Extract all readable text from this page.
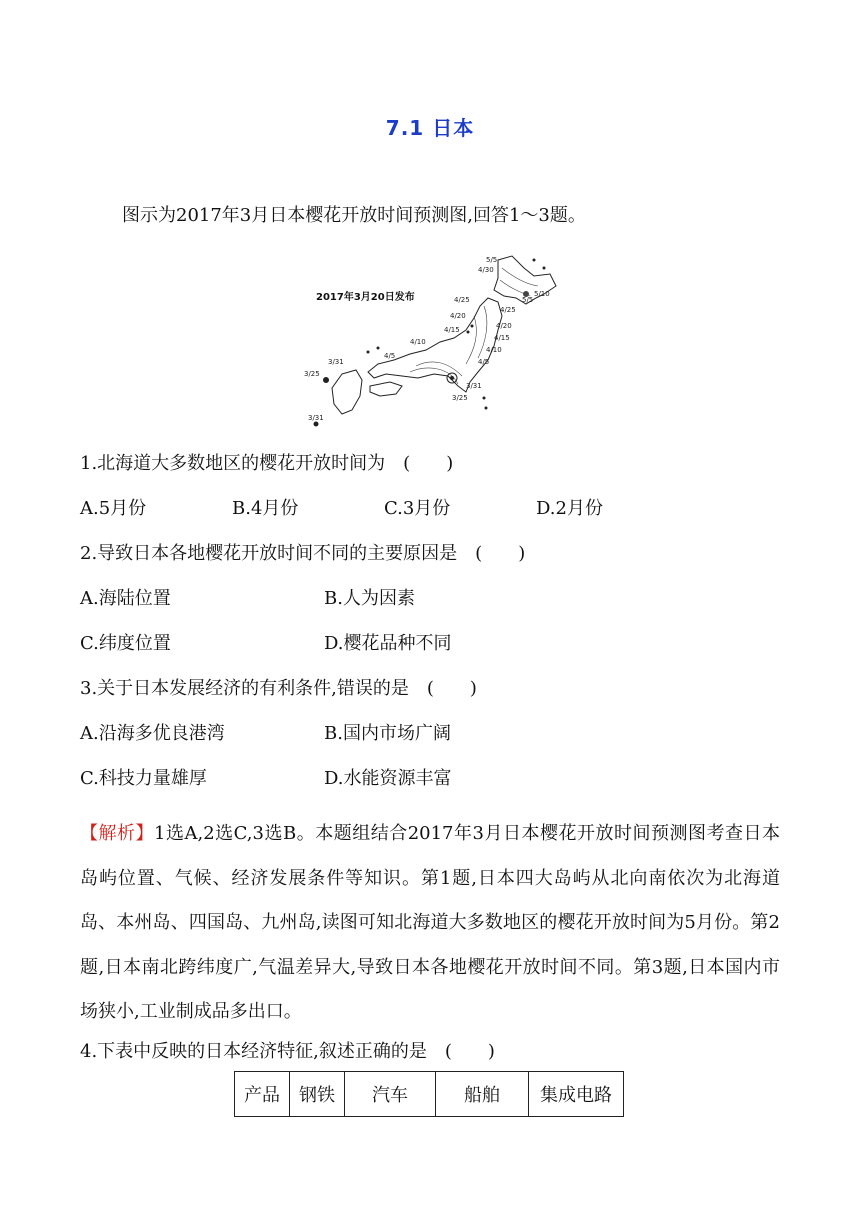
7.1 日本
图示为2017年3月日本樱花开放时间预测图,回答1～3题。
2017年3月20日发布
5/5
4/30
5/10
5/5
4/25
4/25
4/20
4/20
4/15
4/15
4/10
4/10
4/5
4/5
3/31
3/25
3/31
3/25
3/31
1.北海道大多数地区的樱花开放时间为　(　　)
A.5月份	B.4月份	C.3月份	D.2月份
2.导致日本各地樱花开放时间不同的主要原因是　(　　)
A.海陆位置	B.人为因素
C.纬度位置	D.樱花品种不同
3.关于日本发展经济的有利条件,错误的是　(　　)
A.沿海多优良港湾	B.国内市场广阔
C.科技力量雄厚	D.水能资源丰富
【解析】1选A,2选C,3选B。本题组结合2017年3月日本樱花开放时间预测图考查日本岛屿位置、气候、经济发展条件等知识。第1题,日本四大岛屿从北向南依次为北海道岛、本州岛、四国岛、九州岛,读图可知北海道大多数地区的樱花开放时间为5月份。第2题,日本南北跨纬度广,气温差异大,导致日本各地樱花开放时间不同。第3题,日本国内市场狭小,工业制成品多出口。
4.下表中反映的日本经济特征,叙述正确的是　(　　)
产品	钢铁	汽车	船舶	集成电路
